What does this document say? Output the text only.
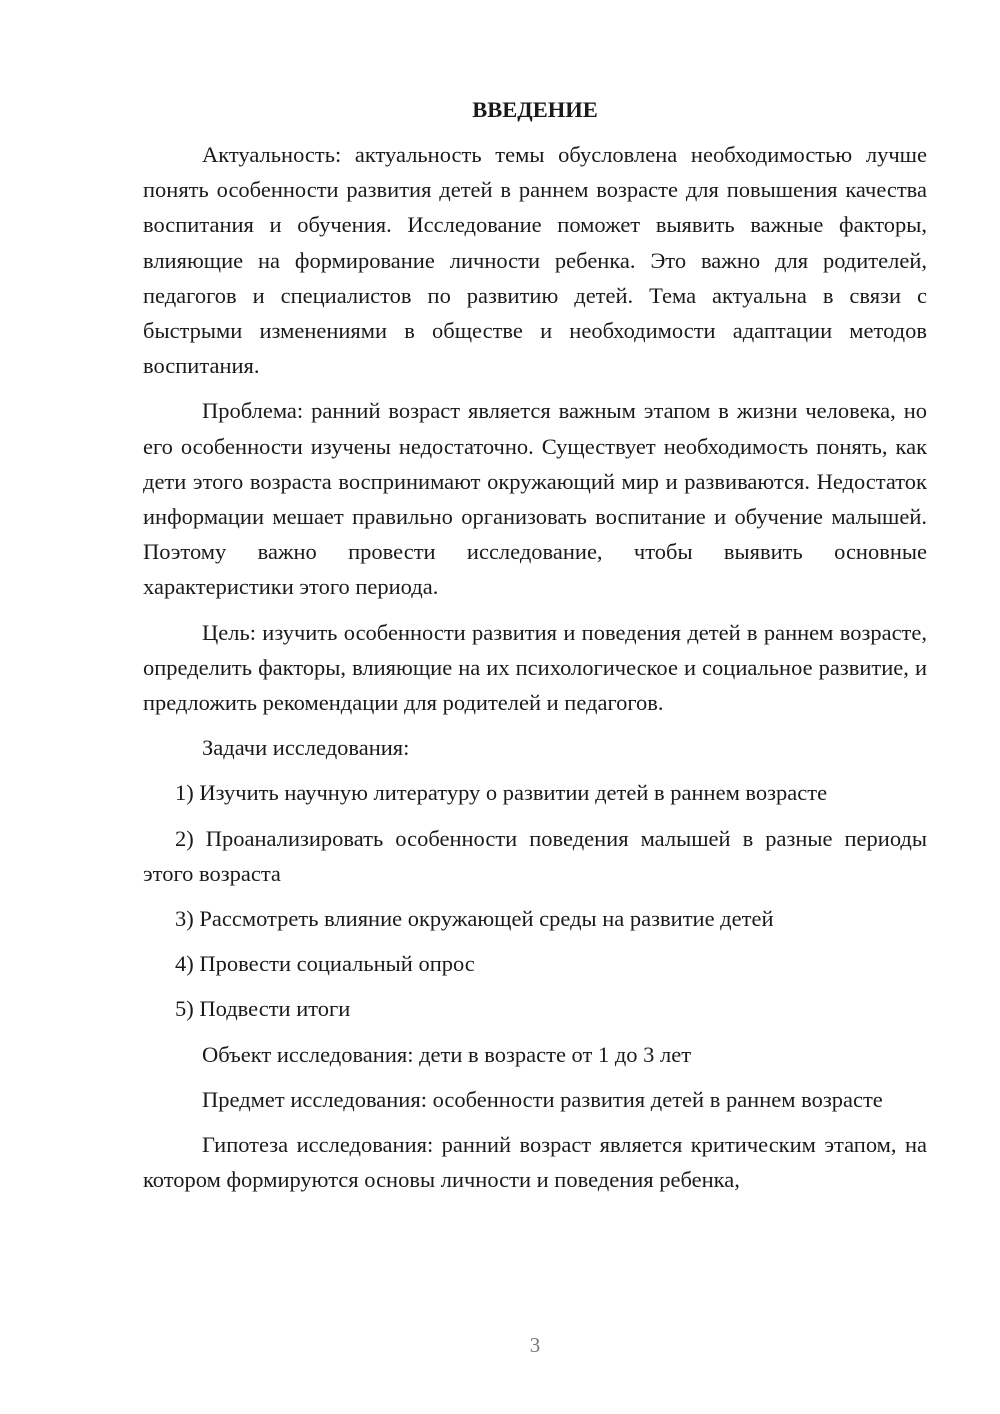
ВВЕДЕНИЕ

Актуальность: актуальность темы обусловлена необходимостью лучше понять особенности развития детей в раннем возрасте для повышения качества воспитания и обучения. Исследование поможет выявить важные факторы, влияющие на формирование личности ребенка. Это важно для родителей, педагогов и специалистов по развитию детей. Тема актуальна в связи с быстрыми изменениями в обществе и необходимости адаптации методов воспитания.

Проблема: ранний возраст является важным этапом в жизни человека, но его особенности изучены недостаточно. Существует необходимость понять, как дети этого возраста воспринимают окружающий мир и развиваются. Недостаток информации мешает правильно организовать воспитание и обучение малышей. Поэтому важно провести исследование, чтобы выявить основные характеристики этого периода.

Цель: изучить особенности развития и поведения детей в раннем возрасте, определить факторы, влияющие на их психологическое и социальное развитие, и предложить рекомендации для родителей и педагогов.

Задачи исследования:

1) Изучить научную литературу о развитии детей в раннем возрасте

2) Проанализировать особенности поведения малышей в разные периоды этого возраста

3) Рассмотреть влияние окружающей среды на развитие детей

4) Провести социальный опрос

5) Подвести итоги

Объект исследования: дети в возрасте от 1 до 3 лет

Предмет исследования: особенности развития детей в раннем возрасте

Гипотеза исследования: ранний возраст является критическим этапом, на котором формируются основы личности и поведения ребенка,

3
